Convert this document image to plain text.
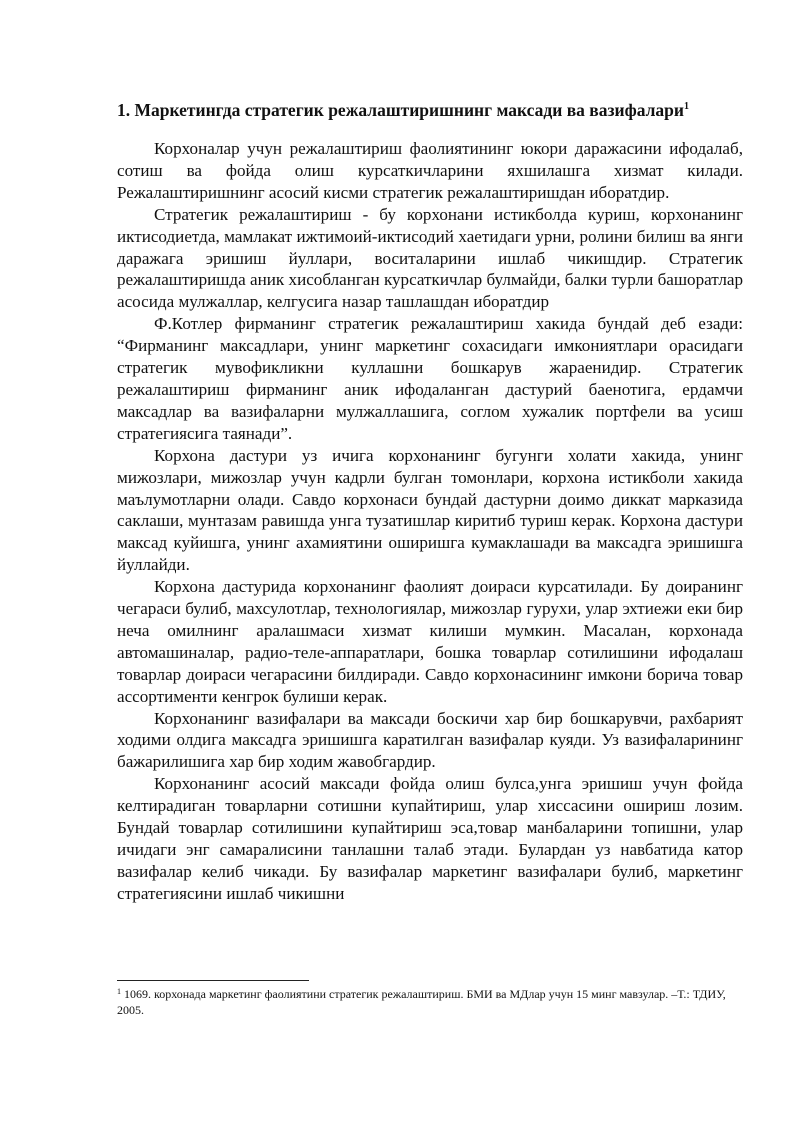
1. Маркетингда стратегик режалаштиришнинг максади ва вазифалари$^1$

Корхоналар учун режалаштириш фаолиятининг юкори даражасини ифодалаб, сотиш ва фойда олиш курсаткичларини яхшилашга хизмат килади. Режалаштиришнинг асосий кисми стратегик режалаштиришдан иборатдир.

Стратегик режалаштириш - бу корхонани истикболда куриш, корхонанинг иктисодиетда, мамлакат ижтимоий-иктисодий хаетидаги урни, ролини билиш ва янги даражага эришиш йуллари, воситаларини ишлаб чикишдир. Стратегик режалаштиришда аник хисобланган курсаткичлар булмайди, балки турли башоратлар асосида мулжаллар, келгусига назар ташлашдан иборатдир

Ф.Котлер фирманинг стратегик режалаштириш хакида бундай деб езади: “Фирманинг максадлари, унинг маркетинг сохасидаги имкониятлари орасидаги стратегик мувофикликни куллашни бошкарув жараенидир. Стратегик режалаштириш фирманинг аник ифодаланган дастурий баенотига, ердамчи максадлар ва вазифаларни мулжаллашига, соглом хужалик портфели ва усиш стратегиясига таянади”.

Корхона дастури уз ичига корхонанинг бугунги холати хакида, унинг мижозлари, мижозлар учун кадрли булган томонлари, корхона истикболи хакида маълумотларни олади. Савдо корхонаси бундай дастурни доимо диккат марказида саклаши, мунтазам равишда унга тузатишлар киритиб туриш керак. Корхона дастури максад куйишга, унинг ахамиятини оширишга кумаклашади ва максадга эришишга йуллайди.

Корхона дастурида корхонанинг фаолият доираси курсатилади. Бу доиранинг чегараси булиб, махсулотлар, технологиялар, мижозлар гурухи, улар эхтиежи еки бир неча омилнинг аралашмаси хизмат килиши мумкин. Масалан, корхонада автомашиналар, радио-теле-аппаратлари, бошка товарлар сотилишини ифодалаш товарлар доираси чегарасини билдиради. Савдо корхонасининг имкони борича товар ассортименти кенгрок булиши керак.

Корхонанинг вазифалари ва максади боскичи хар бир бошкарувчи, рахбарият ходими олдига максадга эришишга каратилган вазифалар куяди. Уз вазифаларининг бажарилишига хар бир ходим жавобгардир.

Корхонанинг асосий максади фойда олиш булса,унга эришиш учун фойда келтирадиган товарларни сотишни купайтириш, улар хиссасини ошириш лозим. Бундай товарлар сотилишини купайтириш эса,товар манбаларини топишни, улар ичидаги энг самаралисини танлашни талаб этади. Булардан уз навбатида катор вазифалар келиб чикади. Бу вазифалар маркетинг вазифалари булиб, маркетинг стратегиясини ишлаб чикишни

$^1$ 1069. корхонада маркетинг фаолиятини стратегик режалаштириш. БМИ ва МДлар учун 15 минг мавзулар. –Т.: ТДИУ, 2005.
